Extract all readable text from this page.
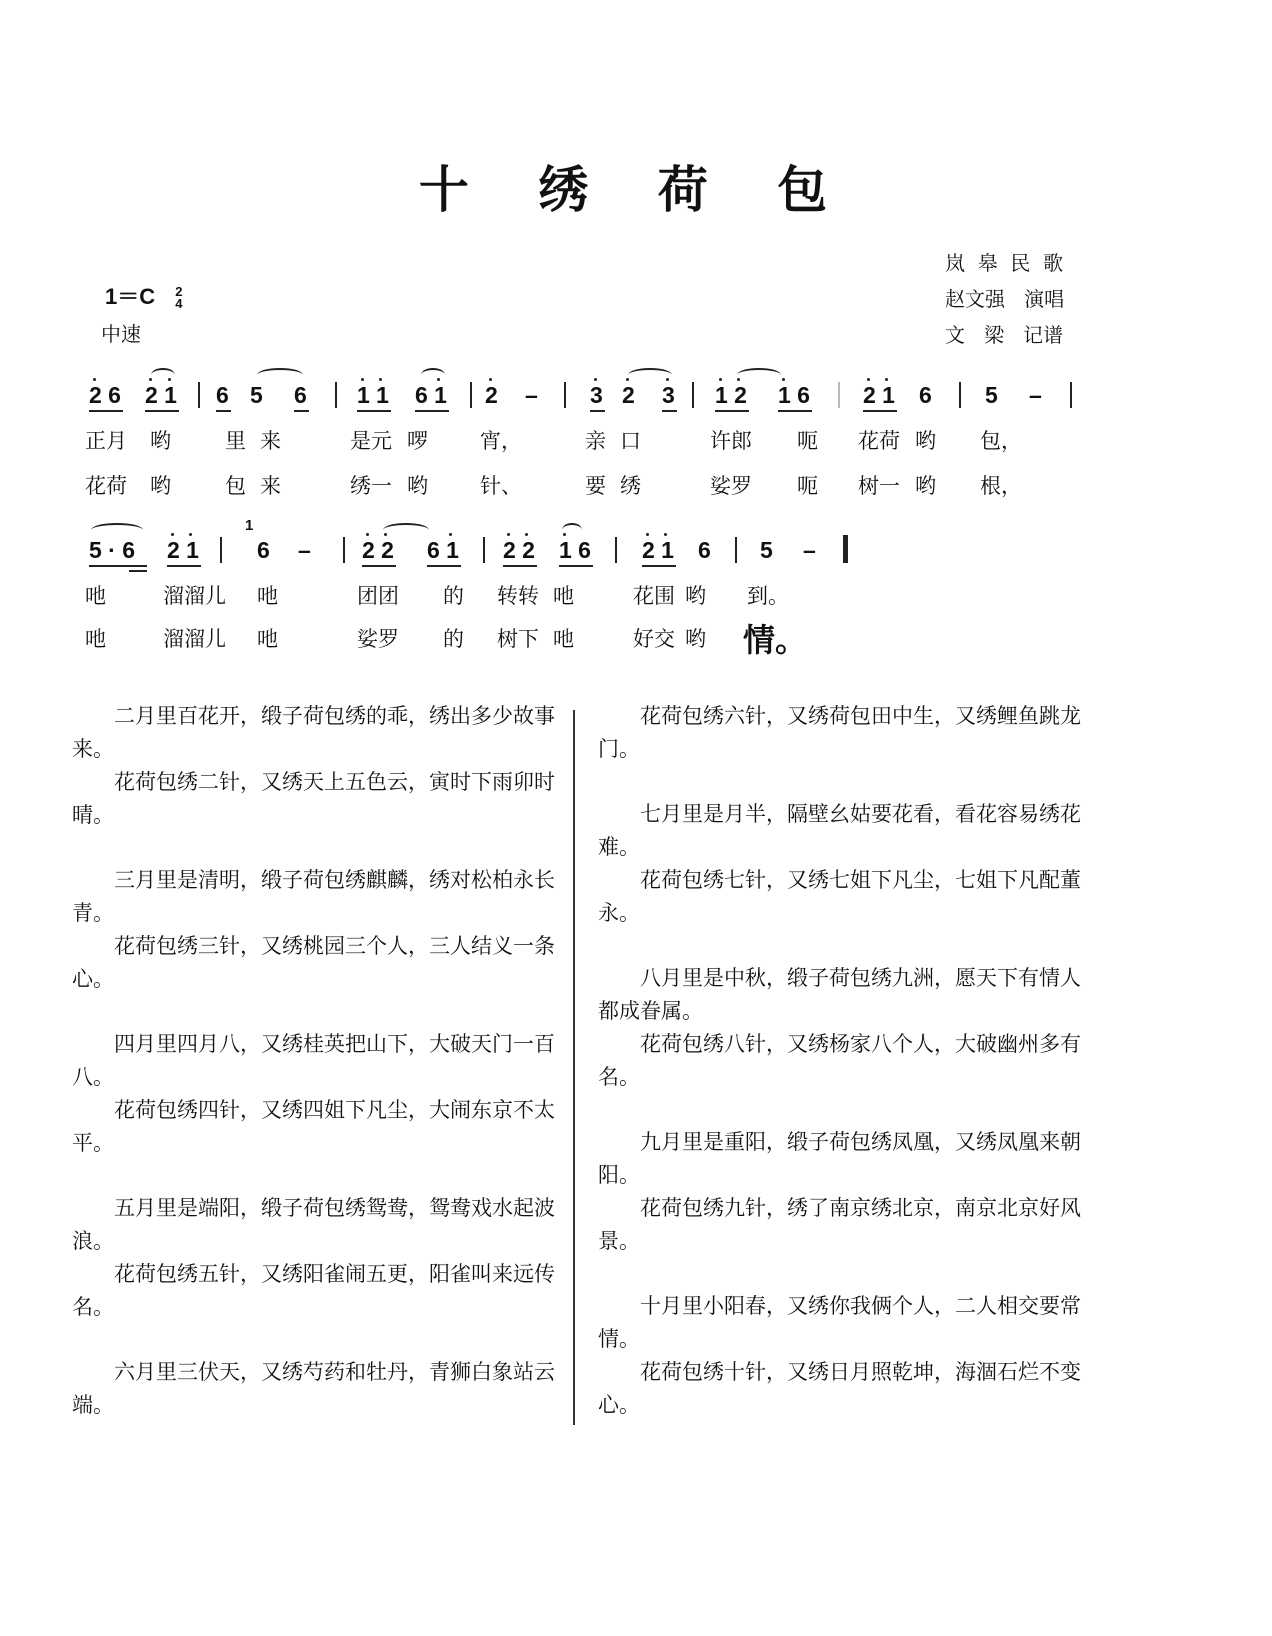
十 绣 荷 包
1＝C 2
4
中速
岚  皋  民  歌
赵文强   演唱
文   梁   记谱
2 6 2 1 6 5 6 1 1 6 1 2 – 3 2 3 1 2 1 6 2 1 6 5 –
正月 哟	里 来	是元 啰 宵，	亲 口	许郎 呃 花荷 哟 包，
花荷 哟	包 来	绣一 哟 针、	要 绣	娑罗 呃 树一 哟 根，
5 · 6 2 1
1
6 – 2 2 6 1 2 2 1 6 2 1 6 5 –
吔	溜溜儿 吔	团团 的 转转 吔	花围 哟 到。
吔	溜溜儿 吔	娑罗 的 树下 吔	好交 哟 情。

二月里百花开，缎子荷包绣的乖，绣出多少故事来。

花荷包绣二针，又绣天上五色云，寅时下雨卯时晴。

三月里是清明，缎子荷包绣麒麟，绣对松柏永长青。

花荷包绣三针，又绣桃园三个人，三人结义一条心。

四月里四月八，又绣桂英把山下，大破天门一百八。

花荷包绣四针，又绣四姐下凡尘，大闹东京不太平。

五月里是端阳，缎子荷包绣鸳鸯，鸳鸯戏水起波浪。

花荷包绣五针，又绣阳雀闹五更，阳雀叫来远传名。

六月里三伏天，又绣芍药和牡丹，青狮白象站云端。

花荷包绣六针，又绣荷包田中生，又绣鲤鱼跳龙门。

七月里是月半，隔壁幺姑要花看，看花容易绣花难。

花荷包绣七针，又绣七姐下凡尘，七姐下凡配董永。

八月里是中秋，缎子荷包绣九洲，愿天下有情人都成眷属。

花荷包绣八针，又绣杨家八个人，大破幽州多有名。

九月里是重阳，缎子荷包绣凤凰，又绣凤凰来朝阳。

花荷包绣九针，绣了南京绣北京，南京北京好风景。

十月里小阳春，又绣你我俩个人，二人相交要常情。

花荷包绣十针，又绣日月照乾坤，海涸石烂不变心。
